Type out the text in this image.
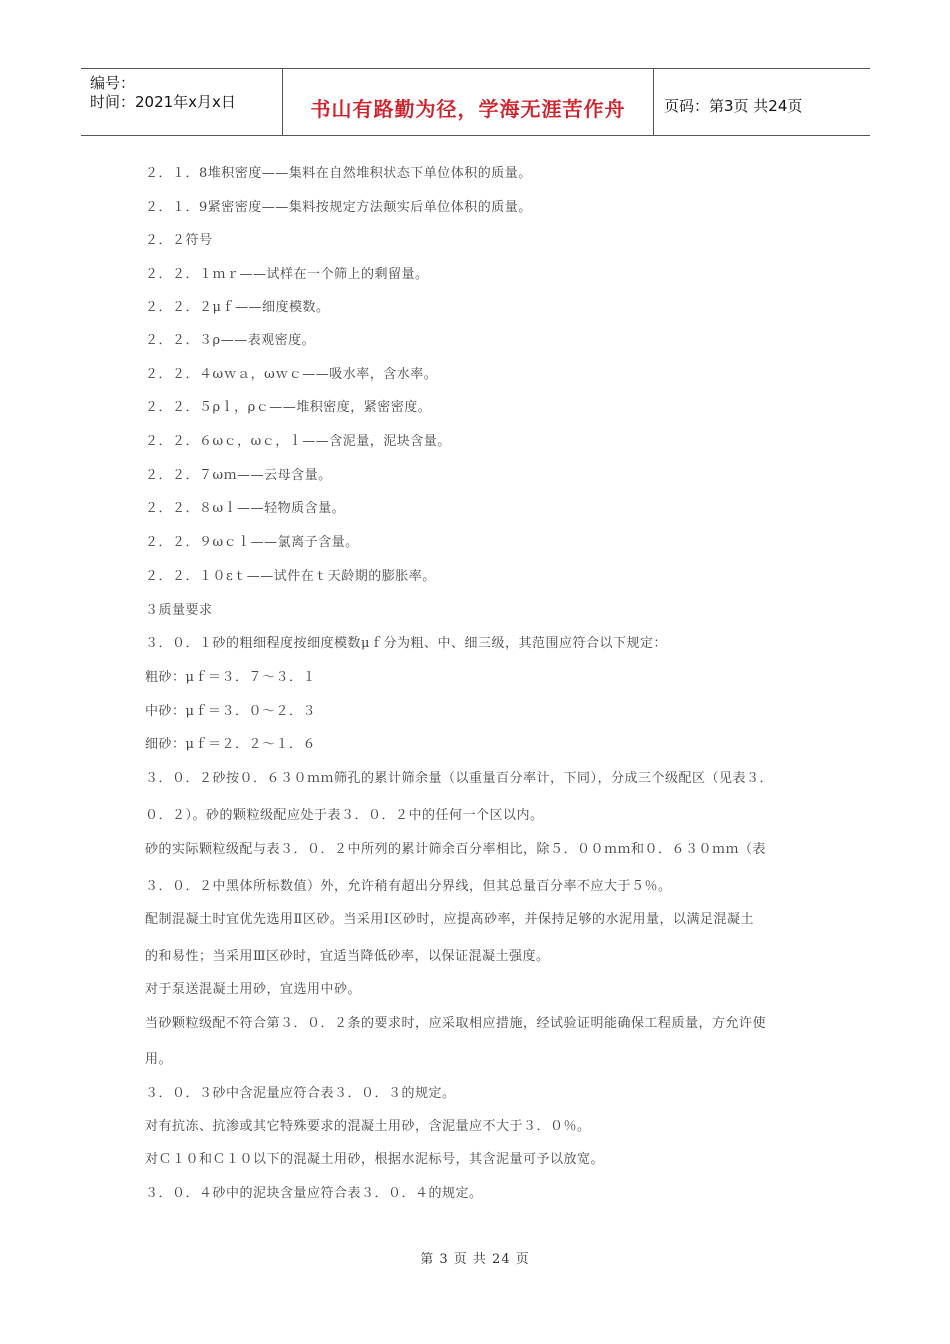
编号：
时间：2021年x月x日	书山有路勤为径，学海无涯苦作舟	页码：第3页 共24页
２．１．8堆积密度——集料在自然堆积状态下单位体积的质量。
２．１．9紧密密度——集料按规定方法颠实后单位体积的质量。
２．２符号
２．２．１ｍｒ——试样在一个筛上的剩留量。
２．２．２μｆ——细度模数。
２．２．３ρ——表观密度。
２．２．４ωｗａ，ωｗｃ——吸水率，含水率。
２．２．５ρｌ，ρｃ——堆积密度，紧密密度。
２．２．６ωｃ，ωｃ，ｌ——含泥量，泥块含量。
２．２．７ωｍ——云母含量。
２．２．８ωｌ——轻物质含量。
２．２．９ωｃｌ——氯离子含量。
２．２．１０εｔ——试件在ｔ天龄期的膨胀率。
３质量要求
３．０．１砂的粗细程度按细度模数μｆ分为粗、中、细三级，其范围应符合以下规定：
粗砂：μｆ＝３．７～３．１
中砂：μｆ＝３．０～２．３
细砂：μｆ＝２．２～１．６
３．０．２砂按０．６３０ｍｍ筛孔的累计筛余量（以重量百分率计，下同），分成三个级配区（见表３．
０．２）。砂的颗粒级配应处于表３．０．２中的任何一个区以内。
砂的实际颗粒级配与表３．０．２中所列的累计筛余百分率相比，除５．００ｍｍ和０．６３０ｍｍ（表
３．０．２中黑体所标数值）外，允许稍有超出分界线，但其总量百分率不应大于５％。
配制混凝土时宜优先选用Ⅱ区砂。当采用Ⅰ区砂时，应提高砂率，并保持足够的水泥用量，以满足混凝土
的和易性；当采用Ⅲ区砂时，宜适当降低砂率，以保证混凝土强度。
对于泵送混凝土用砂，宜选用中砂。
当砂颗粒级配不符合第３．０．２条的要求时，应采取相应措施，经试验证明能确保工程质量，方允许使
用。
３．０．３砂中含泥量应符合表３．０．３的规定。
对有抗冻、抗渗或其它特殊要求的混凝土用砂，含泥量应不大于３．０％。
对Ｃ１０和Ｃ１０以下的混凝土用砂，根据水泥标号，其含泥量可予以放宽。
３．０．４砂中的泥块含量应符合表３．０．４的规定。
第 3 页 共 24 页
